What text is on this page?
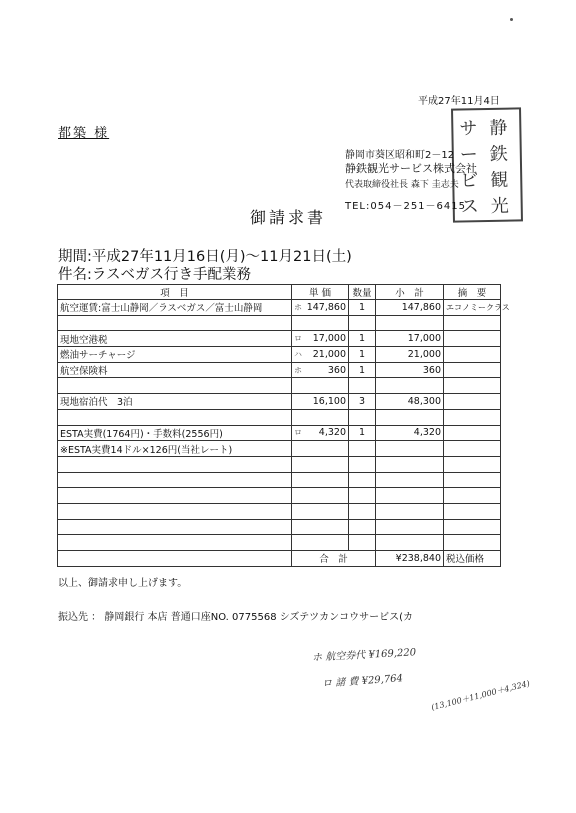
平成27年11月4日
都築 様	サ 静
ー 鉄
ビ 観
ス 光
静岡市葵区昭和町2－12
静鉄観光サービス株式会社
代表取締役社長 森下 圭志夫
TEL:054－251－6415
御請求書
期間:平成27年11月16日(月)～11月21日(土)
件名:ラスベガス行き手配業務
項　目	単 価	数量	小　計	摘　要
航空運賃:富士山静岡／ラスベガス／富士山静岡	ホ 147,860	1	147,860	エコノミークラス

現地空港税	ロ 17,000	1	17,000	
燃油サーチャージ	ハ 21,000	1	21,000	
航空保険料	ホ 360	1	360	

現地宿泊代　3泊	16,100	3	48,300	

ESTA実費(1764円)・手数料(2556円)	ロ 4,320	1	4,320	
※ESTA実費14ドル×126円(当社レート)	

	合　計		¥238,840	税込価格
以上、御請求申し上げます。
振込先 ： 静岡銀行 本店 普通口座NO. 0775568 シズテツカンコウサービス(カ
ホ 航空券代 ¥169,220
ロ 諸 費 ¥29,764	(13,100＋11,000＋4,324)
